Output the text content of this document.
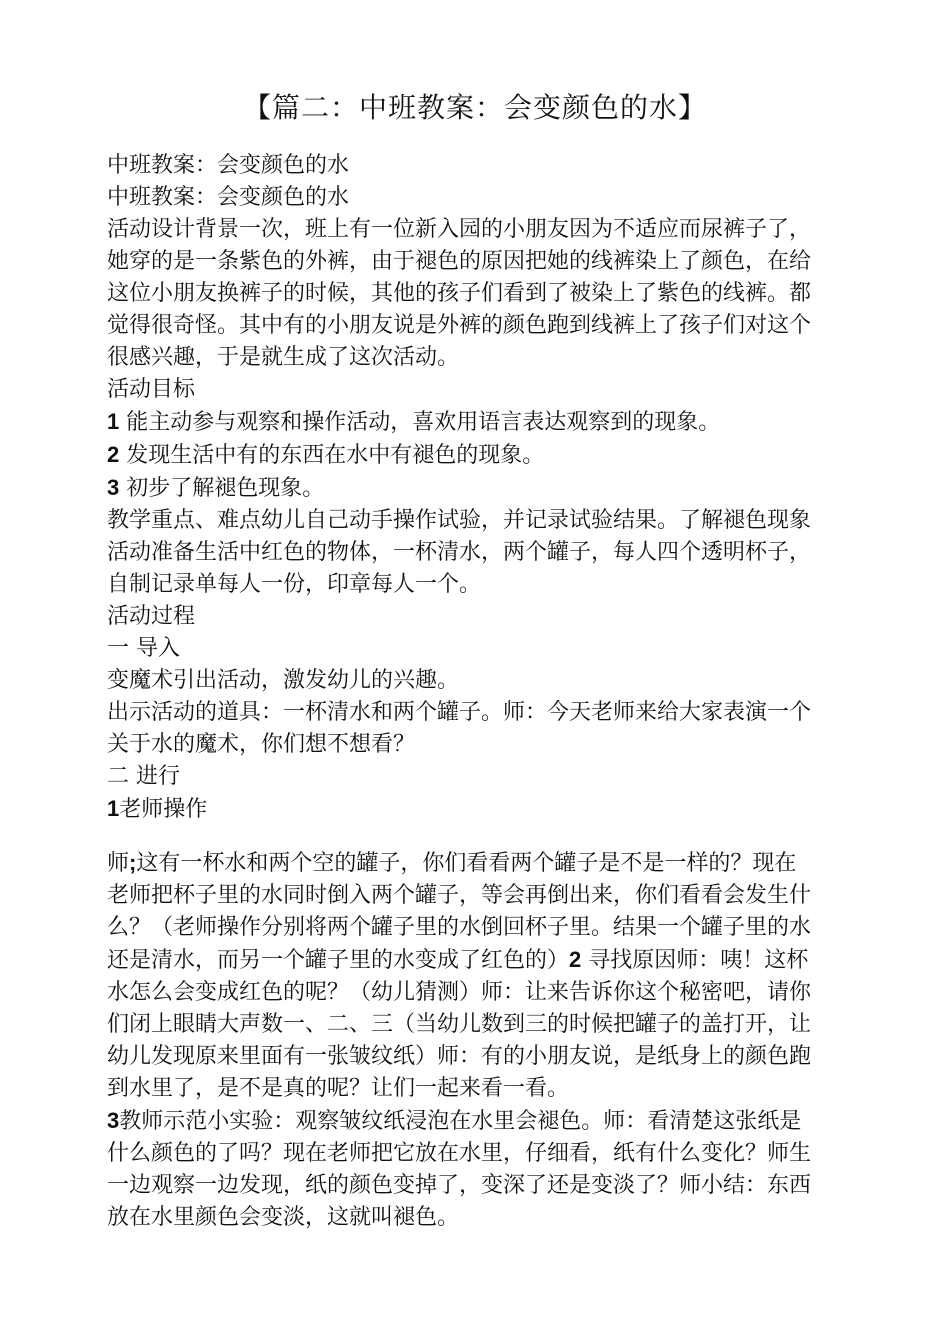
【篇二：中班教案：会变颜色的水】

中班教案：会变颜色的水

中班教案：会变颜色的水

活动设计背景一次，班上有一位新入园的小朋友因为不适应而尿裤子了，

她穿的是一条紫色的外裤，由于褪色的原因把她的线裤染上了颜色，在给

这位小朋友换裤子的时候，其他的孩子们看到了被染上了紫色的线裤。都

觉得很奇怪。其中有的小朋友说是外裤的颜色跑到线裤上了孩子们对这个

很感兴趣，于是就生成了这次活动。

活动目标

1 能主动参与观察和操作活动，喜欢用语言表达观察到的现象。

2 发现生活中有的东西在水中有褪色的现象。

3 初步了解褪色现象。

教学重点、难点幼儿自己动手操作试验，并记录试验结果。了解褪色现象

活动准备生活中红色的物体，一杯清水，两个罐子，每人四个透明杯子，

自制记录单每人一份，印章每人一个。

活动过程

一 导入

变魔术引出活动，激发幼儿的兴趣。

出示活动的道具：一杯清水和两个罐子。师：今天老师来给大家表演一个

关于水的魔术，你们想不想看？

二 进行

1老师操作

师;这有一杯水和两个空的罐子，你们看看两个罐子是不是一样的？现在

老师把杯子里的水同时倒入两个罐子，等会再倒出来，你们看看会发生什

么？（老师操作分别将两个罐子里的水倒回杯子里。结果一个罐子里的水

还是清水，而另一个罐子里的水变成了红色的）2 寻找原因师：咦！这杯

水怎么会变成红色的呢？（幼儿猜测）师：让来告诉你这个秘密吧，请你

们闭上眼睛大声数一、二、三（当幼儿数到三的时候把罐子的盖打开，让

幼儿发现原来里面有一张皱纹纸）师：有的小朋友说，是纸身上的颜色跑

到水里了，是不是真的呢？让们一起来看一看。

3教师示范小实验：观察皱纹纸浸泡在水里会褪色。师：看清楚这张纸是

什么颜色的了吗？现在老师把它放在水里，仔细看，纸有什么变化？师生

一边观察一边发现，纸的颜色变掉了，变深了还是变淡了？师小结：东西

放在水里颜色会变淡，这就叫褪色。
